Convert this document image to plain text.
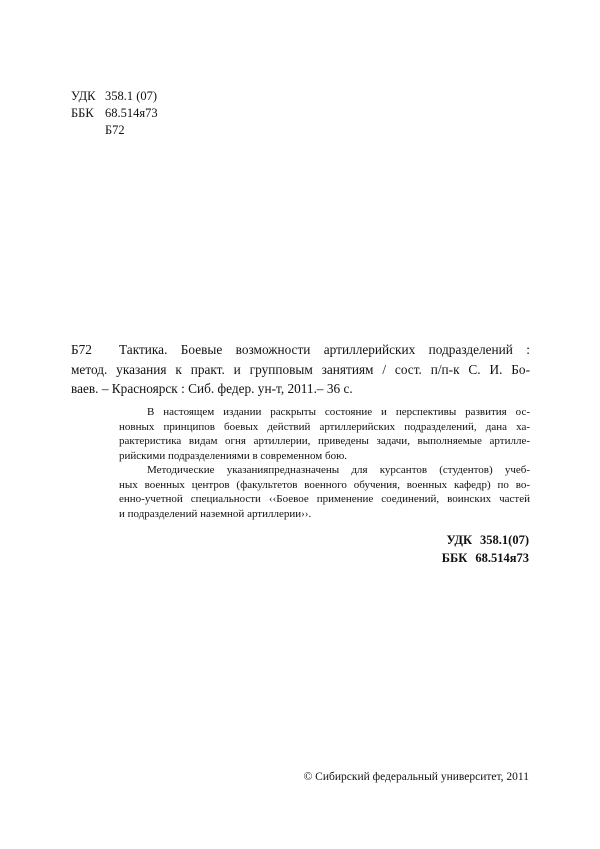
УДК 358.1 (07)
ББК 68.514я73
Б72
Б72	Тактика. Боевые возможности артиллерийских подразделений :
метод. указания к практ. и групповым занятиям / сост. п/п-к С. И. Бо-
ваев. – Красноярск : Сиб. федер. ун-т, 2011.– 36 с.
В настоящем издании раскрыты состояние и перспективы развития ос-
новных принципов боевых действий артиллерийских подразделений, дана ха-
рактеристика видам огня артиллерии, приведены задачи, выполняемые артилле-
рийскими подразделениями в современном бою.
Методические указанияпредназначены для курсантов (студентов) учеб-
ных военных центров (факультетов военного обучения, военных кафедр) по во-
енно-учетной специальности ‹‹Боевое применение соединений, воинских частей
и подразделений наземной артиллерии››.
УДК 358.1(07)
ББК 68.514я73
© Сибирский федеральный университет, 2011
